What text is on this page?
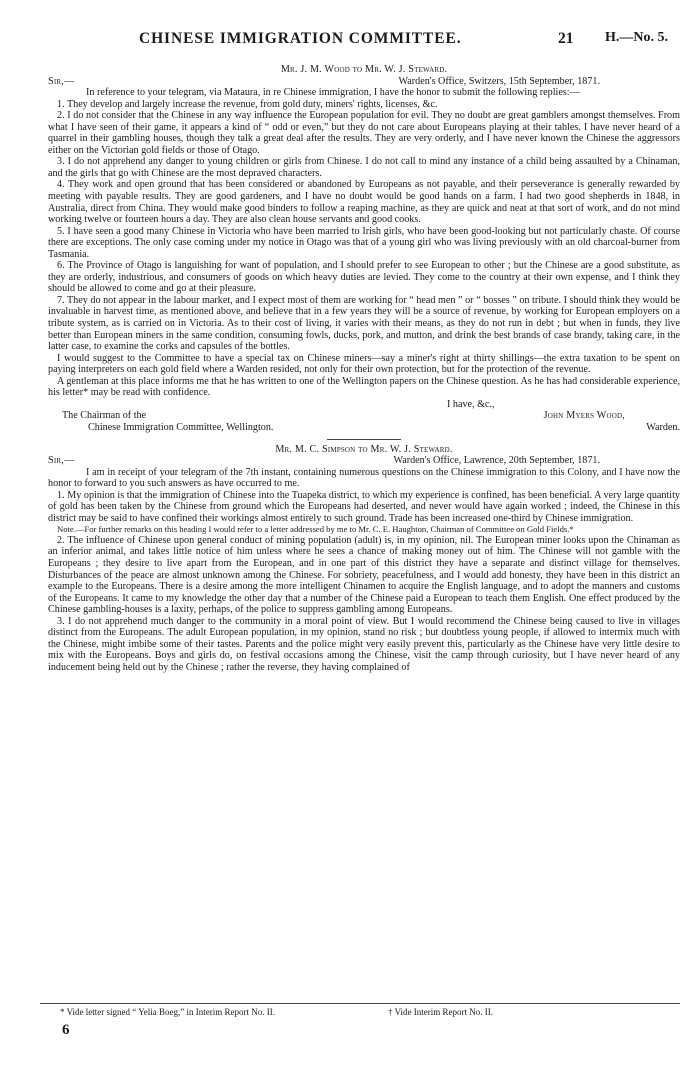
CHINESE IMMIGRATION COMMITTEE.	21 H.—No. 5.

Mr. J. M. Wood to Mr. W. J. Steward.

Sir,—	Warden's Office, Switzers, 15th September, 1871.

In reference to your telegram, via Mataura, in re Chinese immigration, I have the honor to submit the following replies:—

1. They develop and largely increase the revenue, from gold duty, miners' rights, licenses, &c.

2. I do not consider that the Chinese in any way influence the European population for evil. They no doubt are great gamblers amongst themselves. From what I have seen of their game, it appears a kind of “ odd or even,” but they do not care about Europeans playing at their tables. I have never heard of a quarrel in their gambling houses, though they talk a great deal after the results. They are very orderly, and I have never known the Chinese the aggressors either on the Victorian gold fields or those of Otago.

3. I do not apprehend any danger to young children or girls from Chinese. I do not call to mind any instance of a child being assaulted by a Chinaman, and the girls that go with Chinese are the most depraved characters.

4. They work and open ground that has been considered or abandoned by Europeans as not payable, and their perseverance is generally rewarded by meeting with payable results. They are good gardeners, and I have no doubt would be good hands on a farm. I had two good shepherds in 1848, in Australia, direct from China. They would make good binders to follow a reaping machine, as they are quick and neat at that sort of work, and do not mind working twelve or fourteen hours a day. They are also clean house servants and good cooks.

5. I have seen a good many Chinese in Victoria who have been married to Irish girls, who have been good-looking but not particularly chaste. Of course there are exceptions. The only case coming under my notice in Otago was that of a young girl who was living previously with an old charcoal-burner from Tasmania.

6. The Province of Otago is languishing for want of population, and I should prefer to see European to other ; but the Chinese are a good substitute, as they are orderly, industrious, and consumers of goods on which heavy duties are levied. They come to the country at their own expense, and I think they should be allowed to come and go at their pleasure.

7. They do not appear in the labour market, and I expect most of them are working for “ head men ” or “ bosses ” on tribute. I should think they would be invaluable in harvest time, as mentioned above, and believe that in a few years they will be a source of revenue, by working for European employers on a tribute system, as is carried on in Victoria. As to their cost of living, it varies with their means, as they do not run in debt ; but when in funds, they live better than European miners in the same condition, consuming fowls, ducks, pork, and mutton, and drink the best brands of case brandy, taking care, in the latter case, to examine the corks and capsules of the bottles.

I would suggest to the Committee to have a special tax on Chinese miners—say a miner's right at thirty shillings—the extra taxation to be spent on paying interpreters on each gold field where a Warden resided, not only for their own protection, but for the protection of the revenue.

A gentleman at this place informs me that he has written to one of the Wellington papers on the Chinese question. As he has had considerable experience, his letter* may be read with confidence.

I have, &c.,

The Chairman of the	John Myers Wood,
Chinese Immigration Committee, Wellington.	Warden.

Mr. M. C. Simpson to Mr. W. J. Steward.

Sir,—	Warden's Office, Lawrence, 20th September, 1871.

I am in receipt of your telegram of the 7th instant, containing numerous questions on the Chinese immigration to this Colony, and I have now the honor to forward to you such answers as have occurred to me.

1. My opinion is that the immigration of Chinese into the Tuapeka district, to which my experience is confined, has been beneficial. A very large quantity of gold has been taken by the Chinese from ground which the Europeans had deserted, and never would have again worked ; indeed, the Chinese in this district may be said to have confined their workings almost entirely to such ground. Trade has been increased one-third by Chinese immigration.

Note.—For further remarks on this heading I would refer to a letter addressed by me to Mr. C. E. Haughton, Chairman of Committee on Gold Fields.*

2. The influence of Chinese upon general conduct of mining population (adult) is, in my opinion, nil. The European miner looks upon the Chinaman as an inferior animal, and takes little notice of him unless where he sees a chance of making money out of him. The Chinese will not gamble with the Europeans ; they desire to live apart from the European, and in one part of this district they have a separate and distinct village for themselves. Disturbances of the peace are almost unknown among the Chinese. For sobriety, peacefulness, and I would add honesty, they have been in this district an example to the Europeans. There is a desire among the more intelligent Chinamen to acquire the English language, and to adopt the manners and customs of the Europeans. It came to my knowledge the other day that a number of the Chinese paid a European to teach them English. One effect produced by the Chinese gambling-houses is a laxity, perhaps, of the police to suppress gambling among Europeans.

3. I do not apprehend much danger to the community in a moral point of view. But I would recommend the Chinese being caused to live in villages distinct from the Europeans. The adult European population, in my opinion, stand no risk ; but doubtless young people, if allowed to intermix much with the Chinese, might imbibe some of their tastes. Parents and the police might very easily prevent this, particularly as the Chinese have very little desire to mix with the Europeans. Boys and girls do, on festival occasions among the Chinese, visit the camp through curiosity, but I have never heard of any inducement being held out by the Chinese ; rather the reverse, they having complained of

* Vide letter signed “ Yelia Boeg,” in Interim Report No. II.	† Vide Interim Report No. II.
6
